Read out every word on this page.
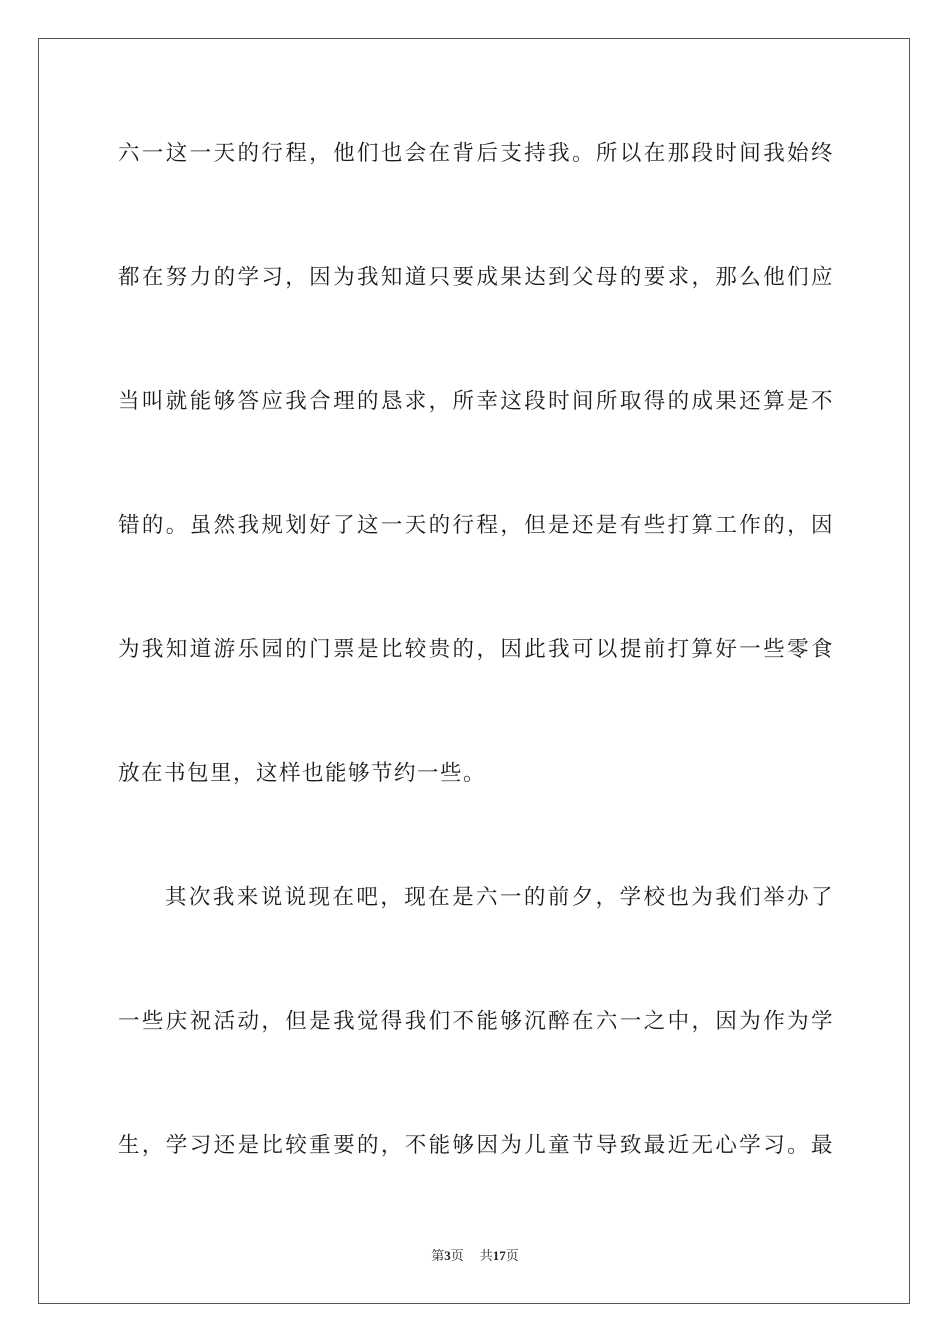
六一这一天的行程，他们也会在背后支持我。所以在那段时间我始终
都在努力的学习，因为我知道只要成果达到父母的要求，那么他们应
当叫就能够答应我合理的恳求，所幸这段时间所取得的成果还算是不
错的。虽然我规划好了这一天的行程，但是还是有些打算工作的，因
为我知道游乐园的门票是比较贵的，因此我可以提前打算好一些零食
放在书包里，这样也能够节约一些。
其次我来说说现在吧，现在是六一的前夕，学校也为我们举办了
一些庆祝活动，但是我觉得我们不能够沉醉在六一之中，因为作为学
生，学习还是比较重要的，不能够因为儿童节导致最近无心学习。最
第3页 共17页
